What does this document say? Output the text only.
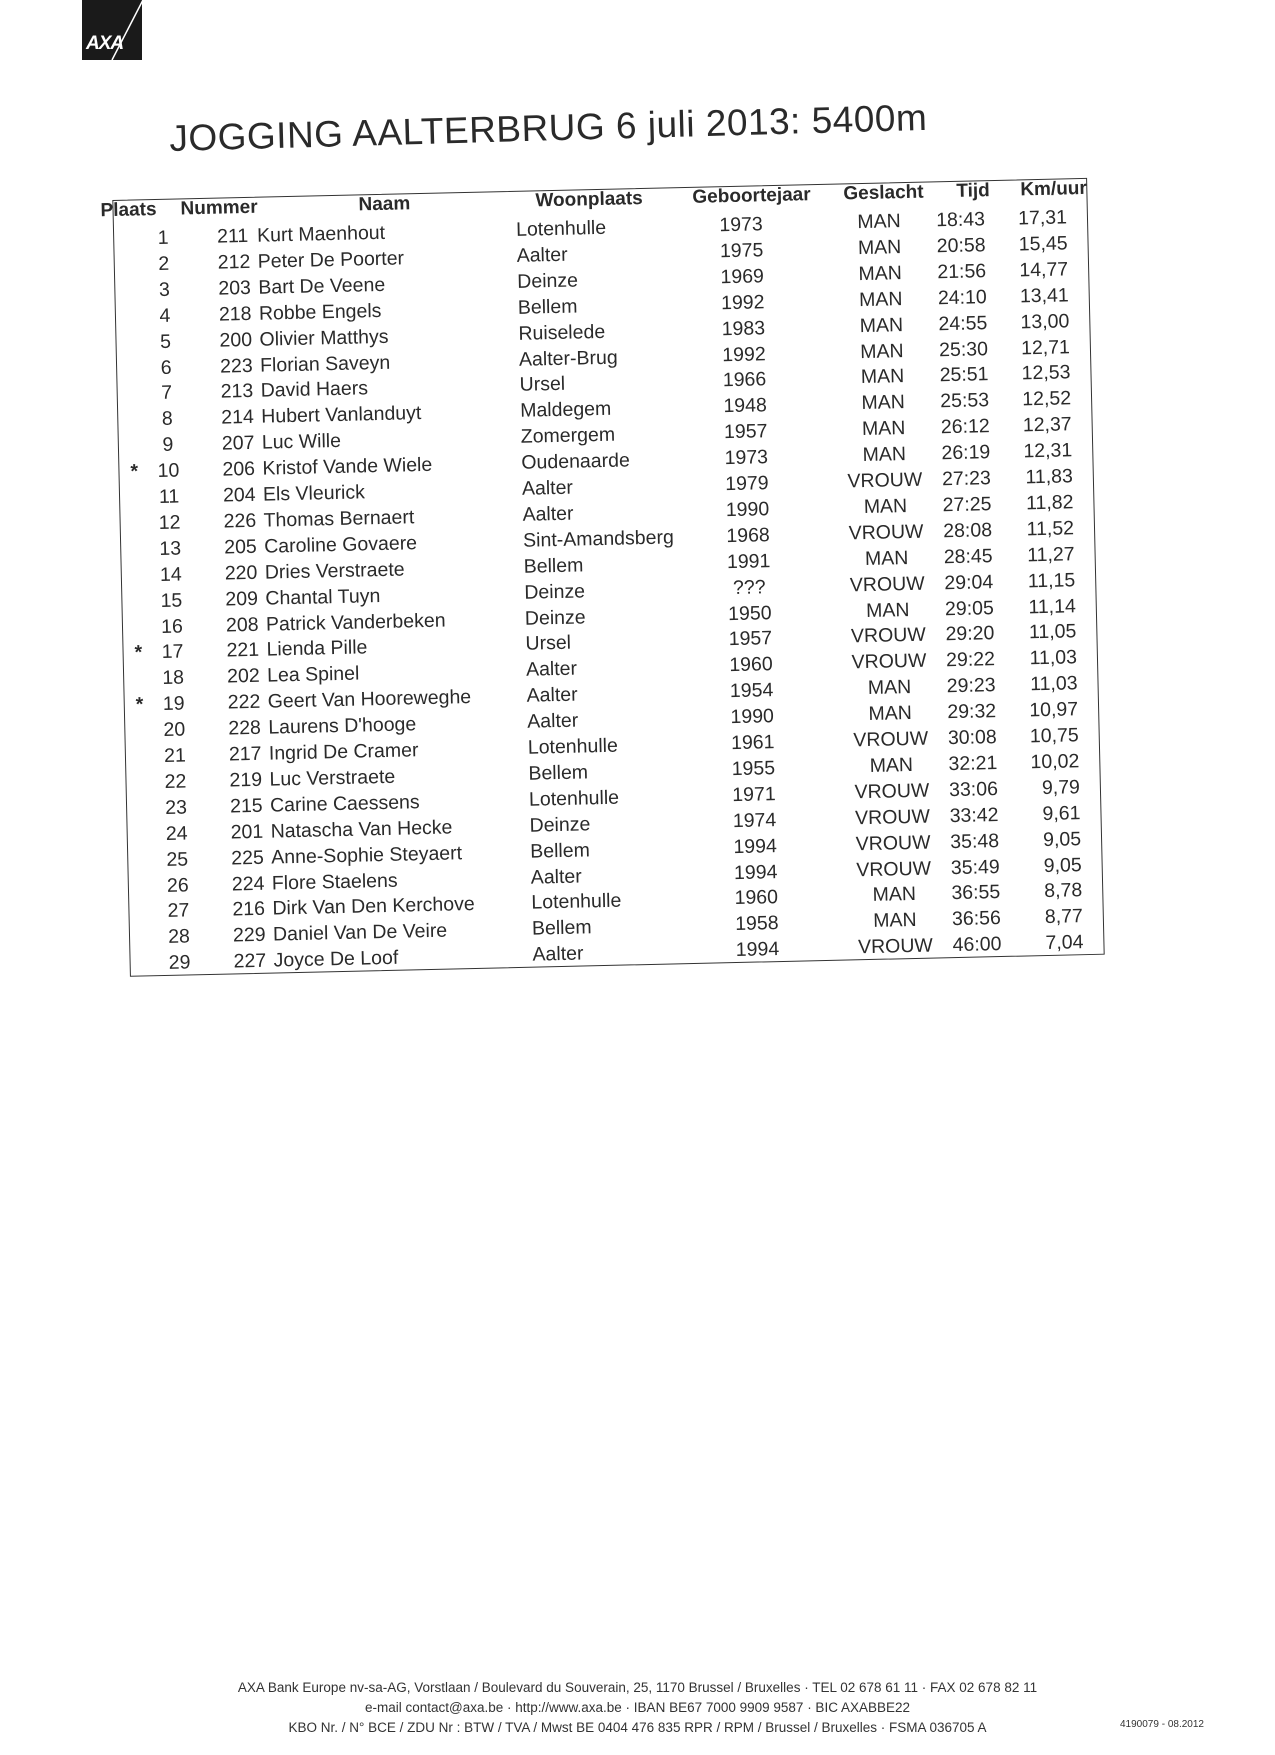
AXA
JOGGING AALTERBRUG 6 juli 2013: 5400m
Plaats Nummer	Naam	Woonplaats	Geboortejaar Geslacht Tijd Km/uur
1	211 Kurt Maenhout	Lotenhulle	1973	MAN	18:43	17,31
2	212 Peter De Poorter	Aalter	1975	MAN	20:58	15,45
3	203 Bart De Veene	Deinze	1969	MAN	21:56	14,77
4	218 Robbe Engels	Bellem	1992	MAN	24:10	13,41
5	200 Olivier Matthys	Ruiselede	1983	MAN	24:55	13,00
6	223 Florian Saveyn	Aalter-Brug	1992	MAN	25:30	12,71
7	213 David Haers	Ursel	1966	MAN	25:51	12,53
8	214 Hubert Vanlanduyt	Maldegem	1948	MAN	25:53	12,52
9	207 Luc Wille	Zomergem	1957	MAN	26:12	12,37
* 10	206 Kristof Vande Wiele	Oudenaarde	1973	MAN	26:19	12,31
11	204 Els Vleurick	Aalter	1979	VROUW 27:23	11,83
12	226 Thomas Bernaert	Aalter	1990	MAN	27:25	11,82
13	205 Caroline Govaere	Sint-Amandsberg	1968	VROUW 28:08	11,52
14	220 Dries Verstraete	Bellem	1991	MAN	28:45	11,27
15	209 Chantal Tuyn	Deinze	???	VROUW 29:04	11,15
16	208 Patrick Vanderbeken	Deinze	1950	MAN	29:05	11,14
* 17	221 Lienda Pille	Ursel	1957	VROUW 29:20	11,05
18	202 Lea Spinel	Aalter	1960	VROUW 29:22	11,03
* 19	222 Geert Van Hooreweghe	Aalter	1954	MAN	29:23	11,03
20	228 Laurens D'hooge	Aalter	1990	MAN	29:32	10,97
21	217 Ingrid De Cramer	Lotenhulle	1961	VROUW 30:08	10,75
22	219 Luc Verstraete	Bellem	1955	MAN	32:21	10,02
23	215 Carine Caessens	Lotenhulle	1971	VROUW 33:06	9,79
24	201 Natascha Van Hecke	Deinze	1974	VROUW 33:42	9,61
25	225 Anne-Sophie Steyaert	Bellem	1994	VROUW 35:48	9,05
26	224 Flore Staelens	Aalter	1994	VROUW 35:49	9,05
27	216 Dirk Van Den Kerchove	Lotenhulle	1960	MAN	36:55	8,78
28	229 Daniel Van De Veire	Bellem	1958	MAN	36:56	8,77
29	227 Joyce De Loof	Aalter	1994	VROUW 46:00	7,04
AXA Bank Europe nv-sa-AG, Vorstlaan / Boulevard du Souverain, 25, 1170 Brussel / Bruxelles · TEL 02 678 61 11 · FAX 02 678 82 11
e-mail contact@axa.be · http://www.axa.be · IBAN BE67 7000 9909 9587 · BIC AXABBE22
KBO Nr. / N° BCE / ZDU Nr : BTW / TVA / Mwst BE 0404 476 835 RPR / RPM / Brussel / Bruxelles · FSMA 036705 A	4190079 - 08.2012
